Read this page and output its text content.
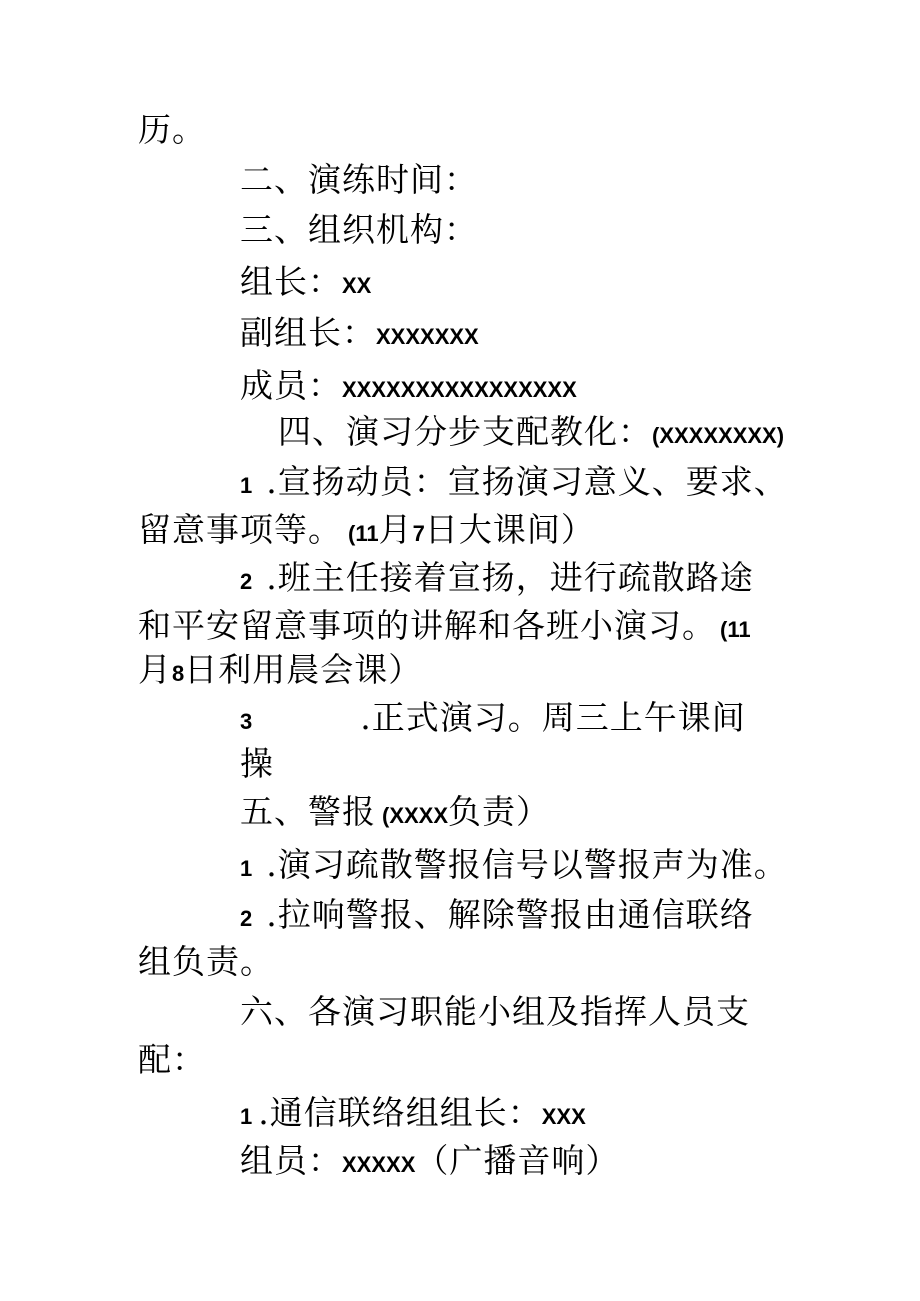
历。
二、演练时间：
三、组织机构：
组长：XX
副组长：XXXXXXX
成员：XXXXXXXXXXXXXXXX
四、演习分步支配教化：(XXXXXXXX)
1 .宣扬动员：宣扬演习意义、要求、
留意事项等。 (11月7日大课间）
2 .班主任接着宣扬，进行疏散路途
和平安留意事项的讲解和各班小演习。 (11
月8日利用晨会课）
3	.正式演习。周三上午课间
操
五、警报 (XXXX负责）
1 .演习疏散警报信号以警报声为准。
2 .拉响警报、解除警报由通信联络
组负责。
六、各演习职能小组及指挥人员支
配：
1 .通信联络组组长：XXX
组员：XXXXX（广播音响）
